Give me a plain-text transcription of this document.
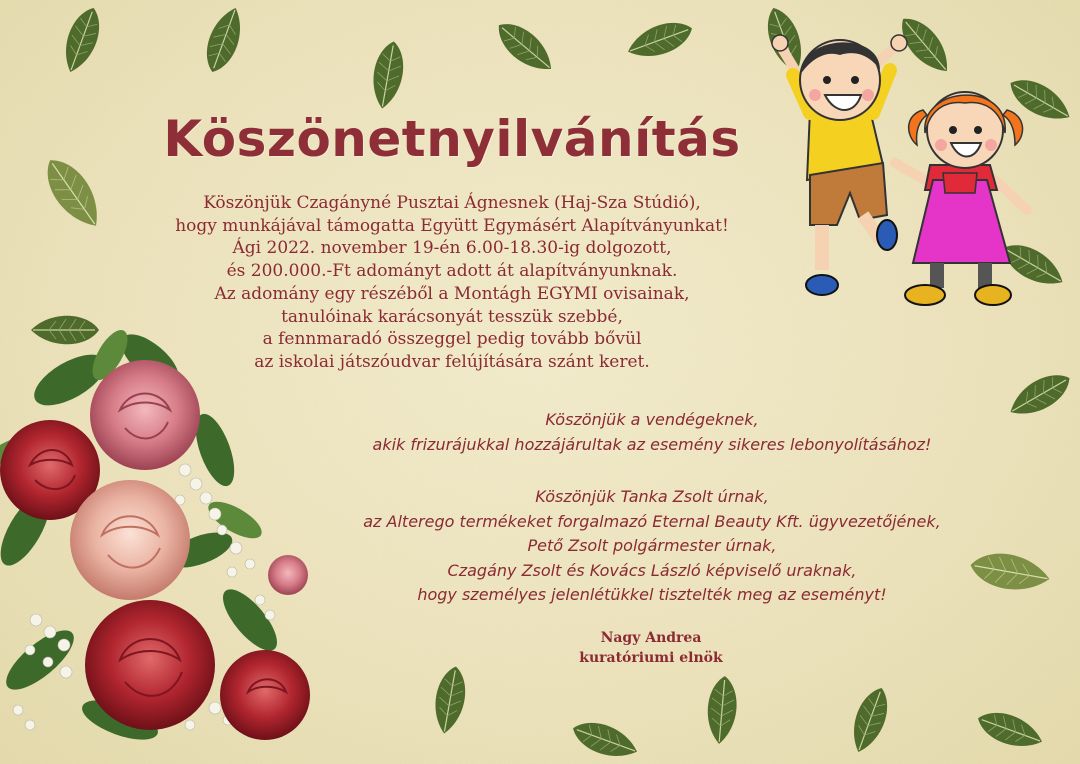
Köszönetnyilvánítás
Köszönjük Czagányné Pusztai Ágnesnek (Haj-Sza Stúdió),
hogy munkájával támogatta Együtt Egymásért Alapítványunkat!
Ági 2022. november 19-én 6.00-18.30-ig dolgozott,
és 200.000.-Ft adományt adott át alapítványunknak.
Az adomány egy részéből a Montágh EGYMI ovisainak,
tanulóinak karácsonyát tesszük szebbé,
a fennmaradó összeggel pedig tovább bővül
az iskolai játszóudvar felújítására szánt keret.
Köszönjük a vendégeknek,
akik frizurájukkal hozzájárultak az esemény sikeres lebonyolításához!
Köszönjük Tanka Zsolt úrnak,
az Alterego termékeket forgalmazó Eternal Beauty Kft. ügyvezetőjének,
Pető Zsolt polgármester úrnak,
Czagány Zsolt és Kovács László képviselő uraknak,
hogy személyes jelenlétükkel tisztelték meg az eseményt!
Nagy Andrea
kuratóriumi elnök
